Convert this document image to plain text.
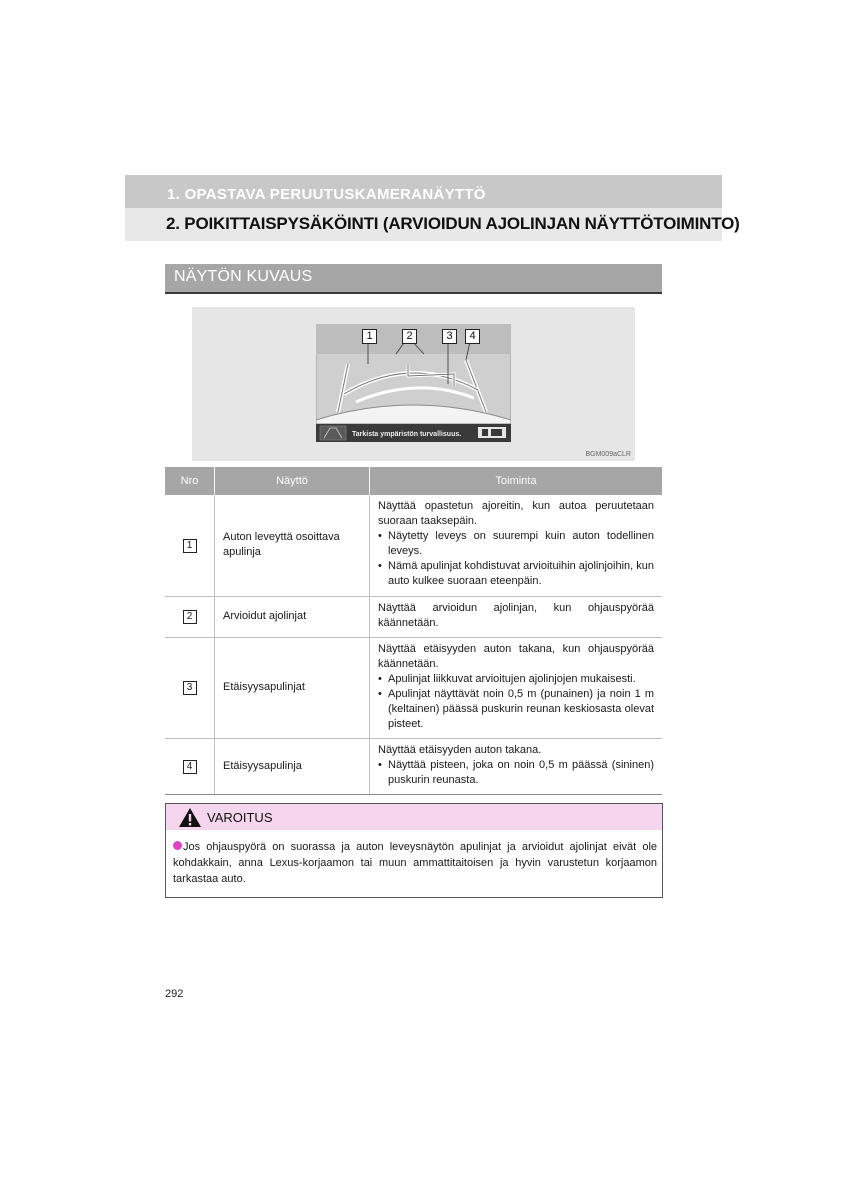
1. OPASTAVA PERUUTUSKAMERANÄYTTÖ
2. POIKITTAISPYSÄKÖINTI (ARVIOIDUN AJOLINJAN NÄYTTÖTOIMINTO)
NÄYTÖN KUVAUS
Tarkista ympäristön turvallisuus.
1	2	3	4
BGM009aCLR
Nro	Näyttö	Toiminta
1	Auton leveyttä osoittava apulinja	Näyttää opastetun ajoreitin, kun autoa peruutetaan suoraan taaksepäin.
• Näytetty leveys on suurempi kuin auton todellinen leveys.
• Nämä apulinjat kohdistuvat arvioituihin ajolinjoihin, kun auto kulkee suoraan eteenpäin.

2	Arvioidut ajolinjat	Näyttää arvioidun ajolinjan, kun ohjauspyörää käännetään.
3	Etäisyysapulinjat	Näyttää etäisyyden auton takana, kun ohjauspyörää käännetään.
• Apulinjat liikkuvat arvioitujen ajolinjojen mukaisesti.
• Apulinjat näyttävät noin 0,5 m (punainen) ja noin 1 m (keltainen) päässä puskurin reunan keskiosasta olevat pisteet.

4	Etäisyysapulinja	Näyttää etäisyyden auton takana.
• Näyttää pisteen, joka on noin 0,5 m päässä (sininen) puskurin reunasta.
VAROITUS
Jos ohjauspyörä on suorassa ja auton leveysnäytön apulinjat ja arvioidut ajolinjat eivät ole kohdakkain, anna Lexus-korjaamon tai muun ammattitaitoisen ja hyvin varustetun korjaamon tarkastaa auto.
292
